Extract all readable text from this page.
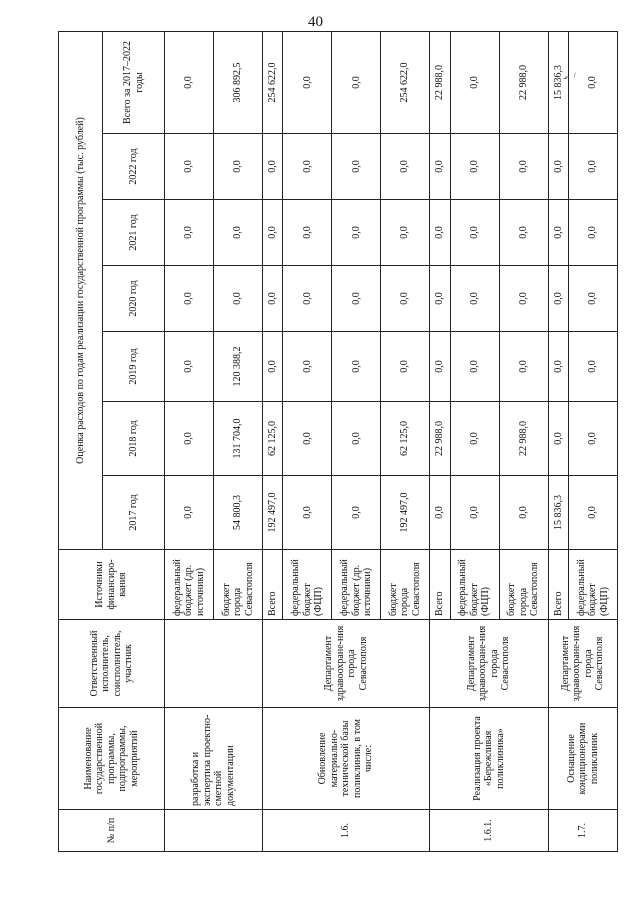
40
№ п/п	Наименование государственной программы, подпрограммы, мероприятий	Ответственный исполнитель, соисполнитель, участник	Источники финансиро-вания	Оценка расходов по годам реализации государственной программы (тыс. рублей)						
				2017 год	2018 год	2019 год	2020 год	2021 год	2022 год	Всего за 2017–2022 годы
	разработка и экспертиза проектно-сметной документации		федеральный бюджет (др. источники)	0,0	0,0	0,0	0,0	0,0	0,0	0,0
			бюджет города Севастополя	54 800,3	131 704,0	120 388,2	0,0	0,0	0,0	306 892,5
1.6.	Обновление материально-технической базы поликлиник, в том числе:	Департамент здравоохране-ния города Севастополя	Всего	192 497,0	62 125,0	0,0	0,0	0,0	0,0	254 622,0
			федеральный бюджет (ФЦП)	0,0	0,0	0,0	0,0	0,0	0,0	0,0
			федеральный бюджет (др. источники)	0,0	0,0	0,0	0,0	0,0	0,0	0,0
			бюджет города Севастополя	192 497,0	62 125,0	0,0	0,0	0,0	0,0	254 622,0
1.6.1.	Реализация проекта «Бережливая поликлиника»	Департамент здравоохране-ния города Севастополя	Всего	0,0	22 988,0	0,0	0,0	0,0	0,0	22 988,0
			федеральный бюджет (ФЦП)	0,0	0,0	0,0	0,0	0,0	0,0	0,0
			бюджет города Севастополя	0,0	22 988,0	0,0	0,0	0,0	0,0	22 988,0
1.7.	Оснащение кондиционерами поликлиник	Департамент здравоохране-ния города Севастополя	Всего	15 836,3	0,0	0,0	0,0	0,0	0,0	15 836,3
			федеральный бюджет (ФЦП)	0,0	0,0	0,0	0,0	0,0	0,0	0,0
⌁ ⸝
